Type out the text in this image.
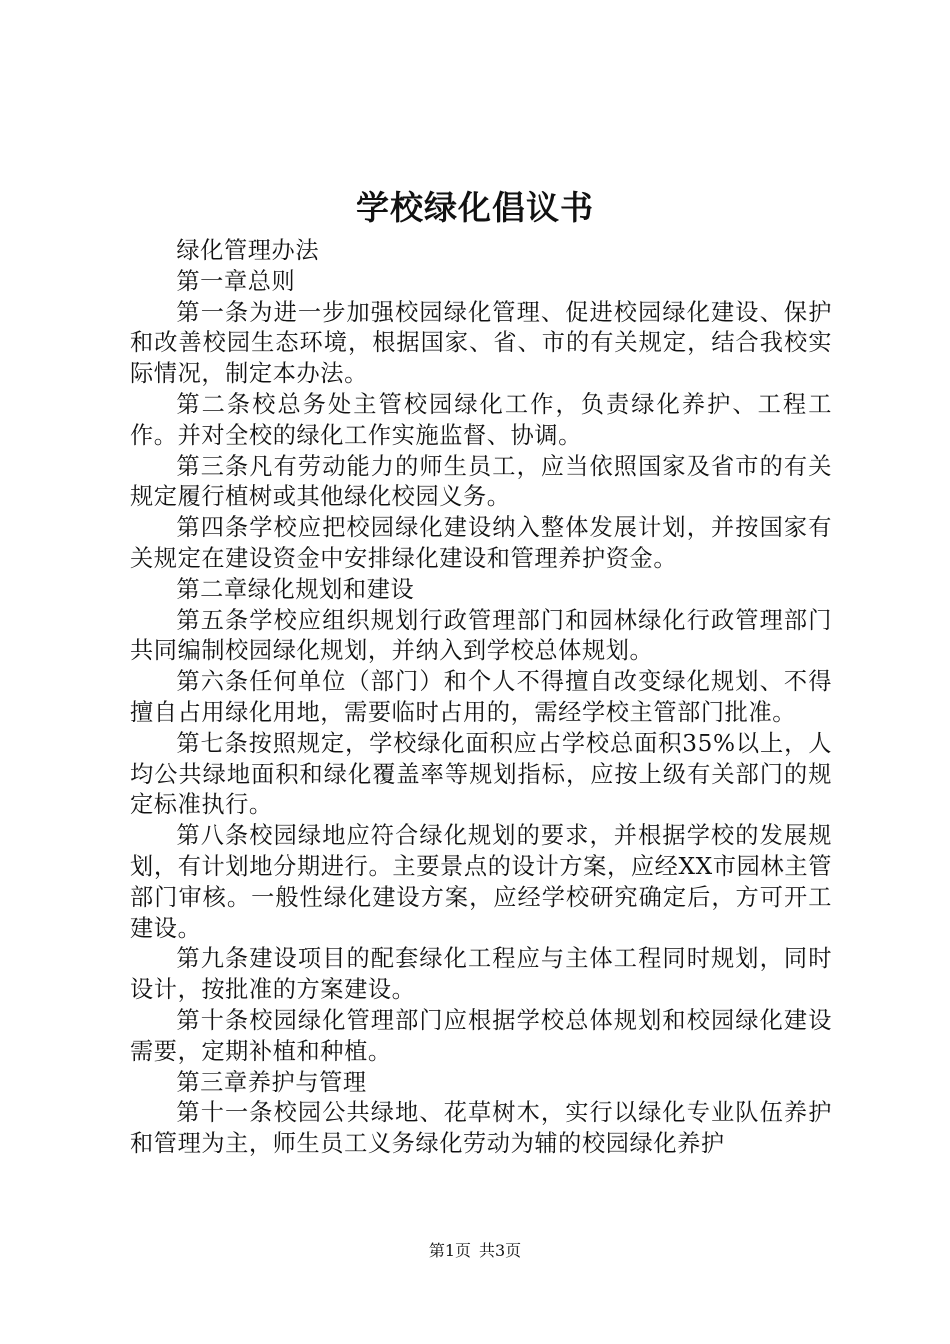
学校绿化倡议书

绿化管理办法

第一章总则

第一条为进一步加强校园绿化管理、促进校园绿化建设、保护和改善校园生态环境，根据国家、省、市的有关规定，结合我校实际情况，制定本办法。

第二条校总务处主管校园绿化工作，负责绿化养护、工程工作。并对全校的绿化工作实施监督、协调。

第三条凡有劳动能力的师生员工，应当依照国家及省市的有关规定履行植树或其他绿化校园义务。

第四条学校应把校园绿化建设纳入整体发展计划，并按国家有关规定在建设资金中安排绿化建设和管理养护资金。

第二章绿化规划和建设

第五条学校应组织规划行政管理部门和园林绿化行政管理部门共同编制校园绿化规划，并纳入到学校总体规划。

第六条任何单位（部门）和个人不得擅自改变绿化规划、不得擅自占用绿化用地，需要临时占用的，需经学校主管部门批准。

第七条按照规定，学校绿化面积应占学校总面积35%以上，人均公共绿地面积和绿化覆盖率等规划指标，应按上级有关部门的规定标准执行。

第八条校园绿地应符合绿化规划的要求，并根据学校的发展规划，有计划地分期进行。主要景点的设计方案，应经XX市园林主管部门审核。一般性绿化建设方案，应经学校研究确定后，方可开工建设。

第九条建设项目的配套绿化工程应与主体工程同时规划，同时设计，按批准的方案建设。

第十条校园绿化管理部门应根据学校总体规划和校园绿化建设需要，定期补植和种植。

第三章养护与管理

第十一条校园公共绿地、花草树木，实行以绿化专业队伍养护和管理为主，师生员工义务绿化劳动为辅的校园绿化养护

第1页 共3页
